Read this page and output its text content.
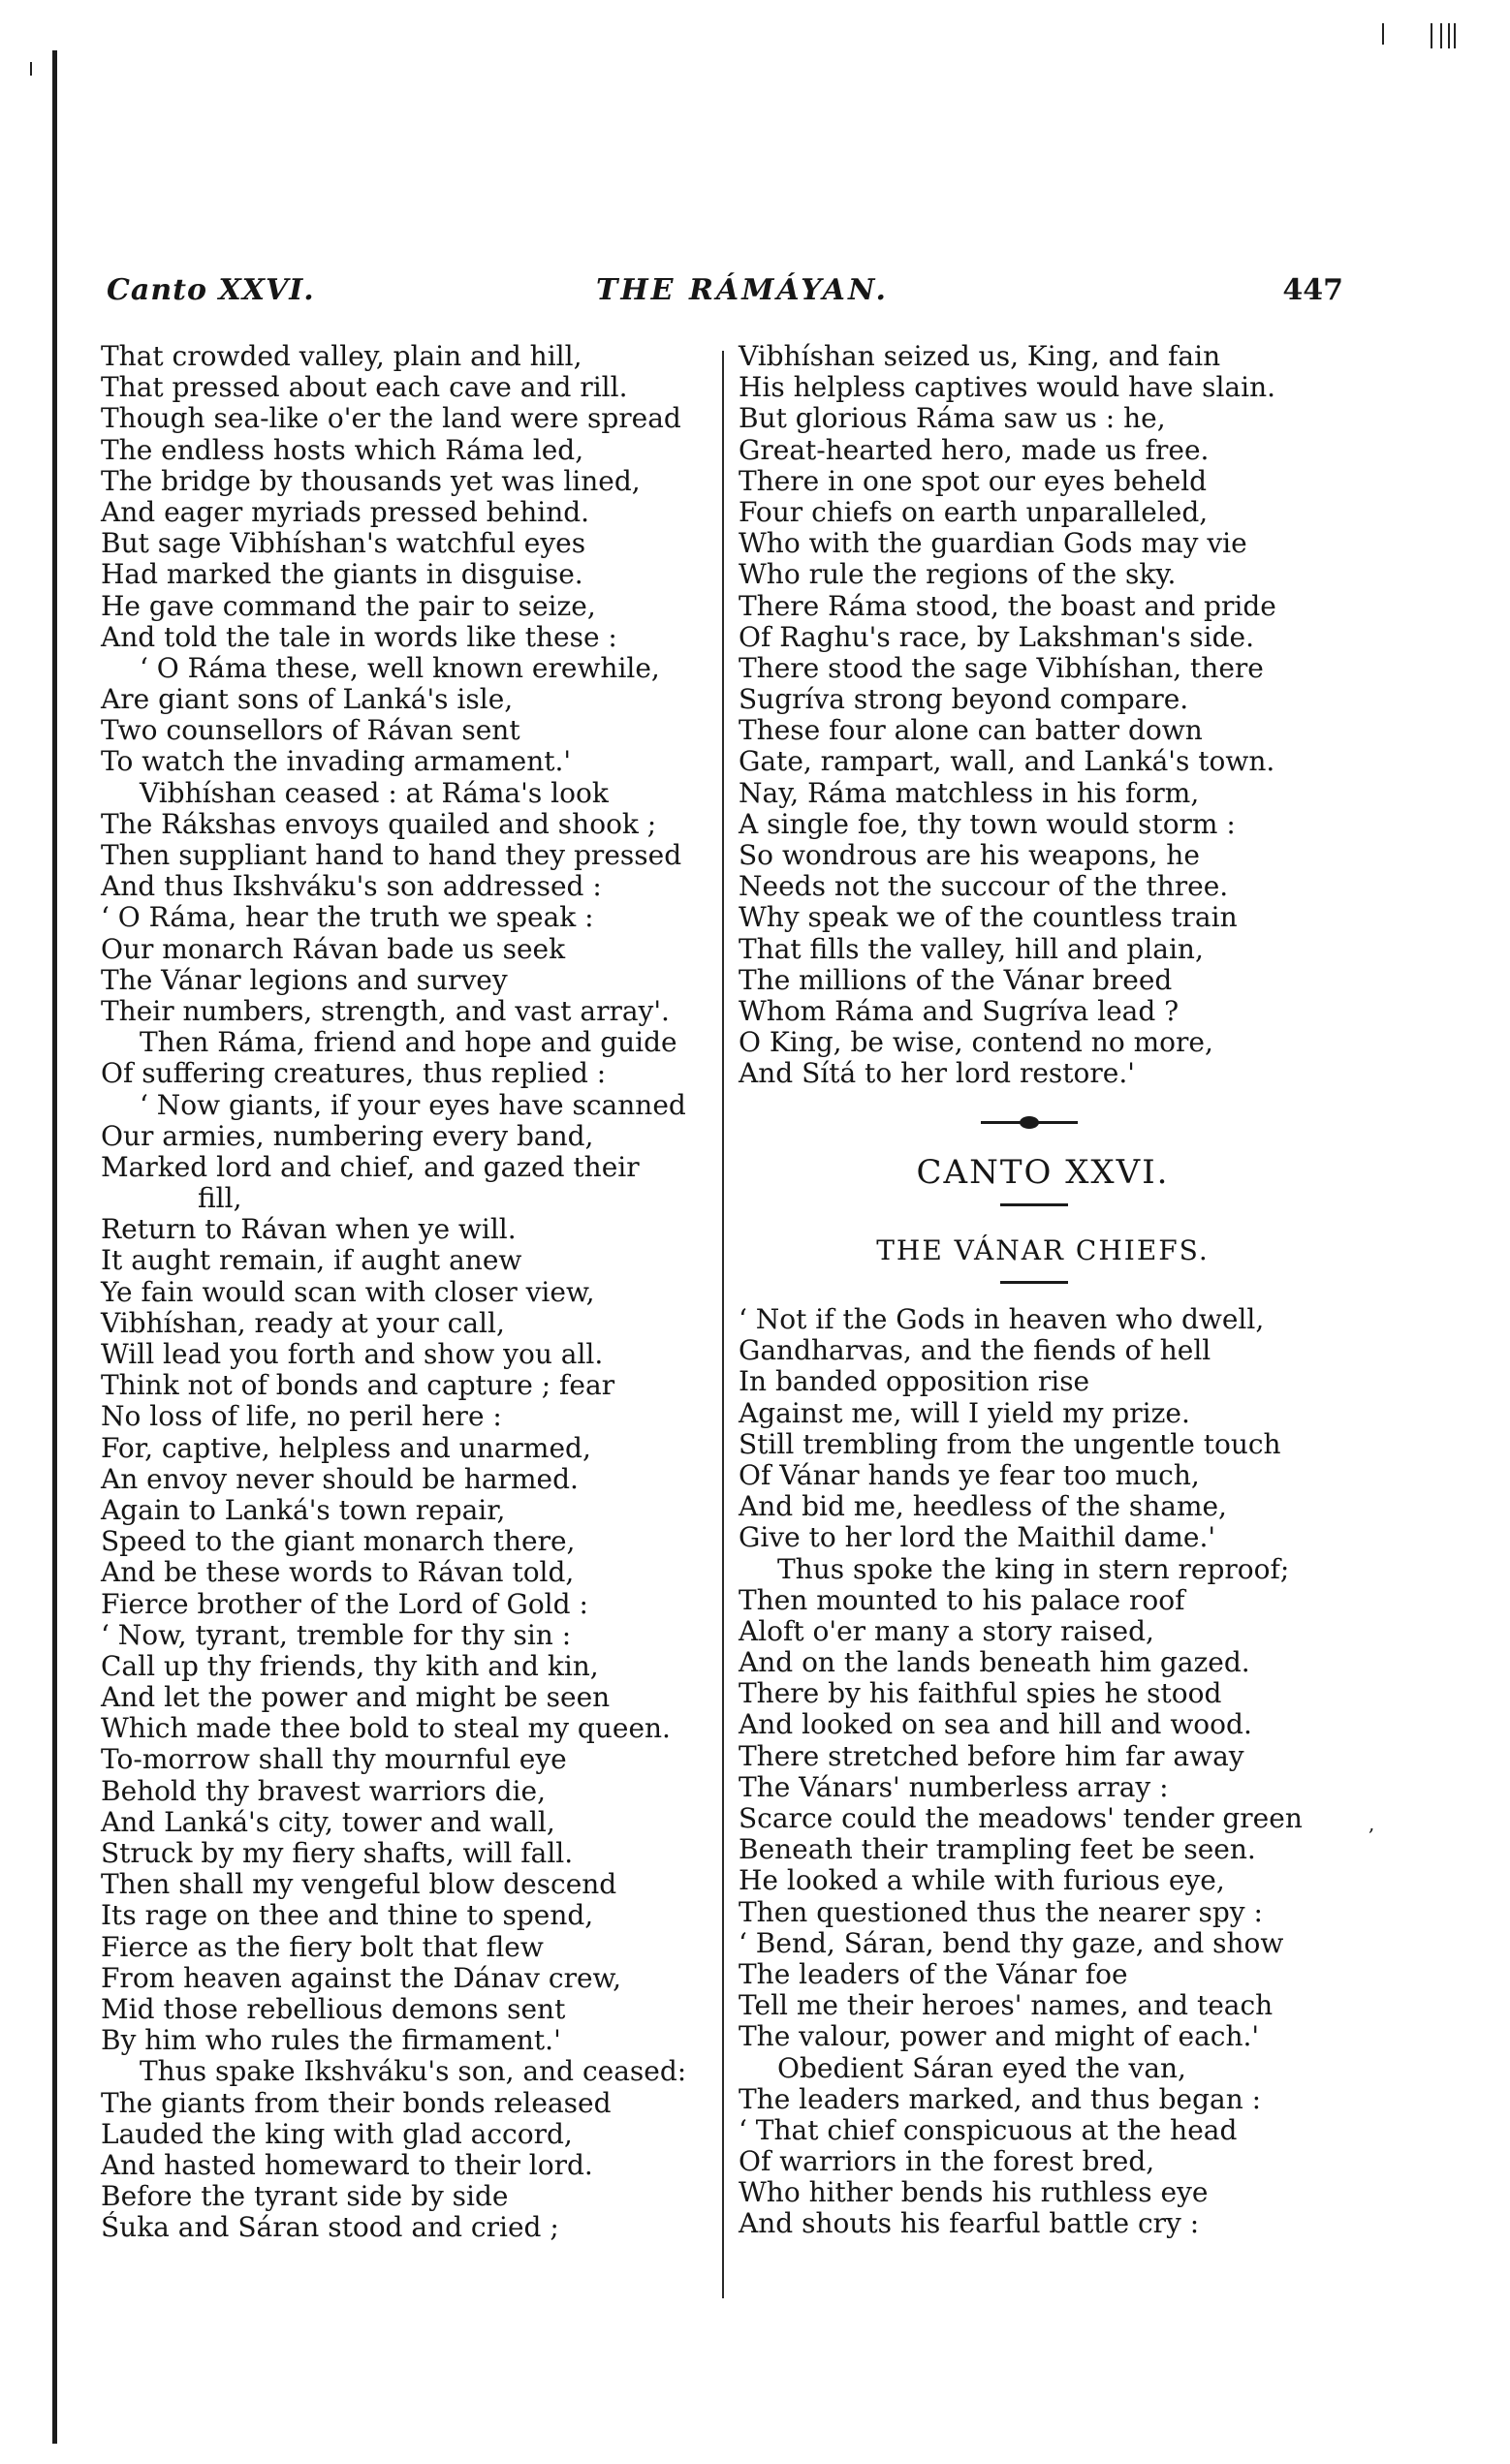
Canto XXVI.	THE RÁMÁYAN.	447
That crowded valley, plain and hill,
That pressed about each cave and rill.
Though sea-like o'er the land were spread
The endless hosts which Ráma led,
The bridge by thousands yet was lined,
And eager myriads pressed behind.
But sage Vibhíshan's watchful eyes
Had marked the giants in disguise.
He gave command the pair to seize,
And told the tale in words like these :
‘ O Ráma these, well known erewhile,
Are giant sons of Lanká's isle,
Two counsellors of Rávan sent
To watch the invading armament.'
Vibhíshan ceased : at Ráma's look
The Rákshas envoys quailed and shook ;
Then suppliant hand to hand they pressed
And thus Ikshváku's son addressed :
‘ O Ráma, hear the truth we speak :
Our monarch Rávan bade us seek
The Vánar legions and survey
Their numbers, strength, and vast array'.
Then Ráma, friend and hope and guide
Of suffering creatures, thus replied :
‘ Now giants, if your eyes have scanned
Our armies, numbering every band,
Marked lord and chief, and gazed their
fill,
Return to Rávan when ye will.
It aught remain, if aught anew
Ye fain would scan with closer view,
Vibhíshan, ready at your call,
Will lead you forth and show you all.
Think not of bonds and capture ; fear
No loss of life, no peril here :
For, captive, helpless and unarmed,
An envoy never should be harmed.
Again to Lanká's town repair,
Speed to the giant monarch there,
And be these words to Rávan told,
Fierce brother of the Lord of Gold :
‘ Now, tyrant, tremble for thy sin :
Call up thy friends, thy kith and kin,
And let the power and might be seen
Which made thee bold to steal my queen.
To-morrow shall thy mournful eye
Behold thy bravest warriors die,
And Lanká's city, tower and wall,
Struck by my fiery shafts, will fall.
Then shall my vengeful blow descend
Its rage on thee and thine to spend,
Fierce as the fiery bolt that flew
From heaven against the Dánav crew,
Mid those rebellious demons sent
By him who rules the firmament.'
Thus spake Ikshváku's son, and ceased:
The giants from their bonds released
Lauded the king with glad accord,
And hasted homeward to their lord.
Before the tyrant side by side
Śuka and Sáran stood and cried ;
Vibhíshan seized us, King, and fain
His helpless captives would have slain.
But glorious Ráma saw us : he,
Great-hearted hero, made us free.
There in one spot our eyes beheld
Four chiefs on earth unparalleled,
Who with the guardian Gods may vie
Who rule the regions of the sky.
There Ráma stood, the boast and pride
Of Raghu's race, by Lakshman's side.
There stood the sage Vibhíshan, there
Sugríva strong beyond compare.
These four alone can batter down
Gate, rampart, wall, and Lanká's town.
Nay, Ráma matchless in his form,
A single foe, thy town would storm :
So wondrous are his weapons, he
Needs not the succour of the three.
Why speak we of the countless train
That fills the valley, hill and plain,
The millions of the Vánar breed
Whom Ráma and Sugríva lead ?
O King, be wise, contend no more,
And Sítá to her lord restore.'
CANTO XXVI.
THE VÁNAR CHIEFS.
‘ Not if the Gods in heaven who dwell,
Gandharvas, and the fiends of hell
In banded opposition rise
Against me, will I yield my prize.
Still trembling from the ungentle touch
Of Vánar hands ye fear too much,
And bid me, heedless of the shame,
Give to her lord the Maithil dame.'
Thus spoke the king in stern reproof;
Then mounted to his palace roof
Aloft o'er many a story raised,
And on the lands beneath him gazed.
There by his faithful spies he stood
And looked on sea and hill and wood.
There stretched before him far away
The Vánars' numberless array :
Scarce could the meadows' tender green
Beneath their trampling feet be seen.
He looked a while with furious eye,
Then questioned thus the nearer spy :
‘ Bend, Sáran, bend thy gaze, and show
The leaders of the Vánar foe
Tell me their heroes' names, and teach
The valour, power and might of each.'
Obedient Sáran eyed the van,
The leaders marked, and thus began :
‘ That chief conspicuous at the head
Of warriors in the forest bred,
Who hither bends his ruthless eye
And shouts his fearful battle cry :
,
